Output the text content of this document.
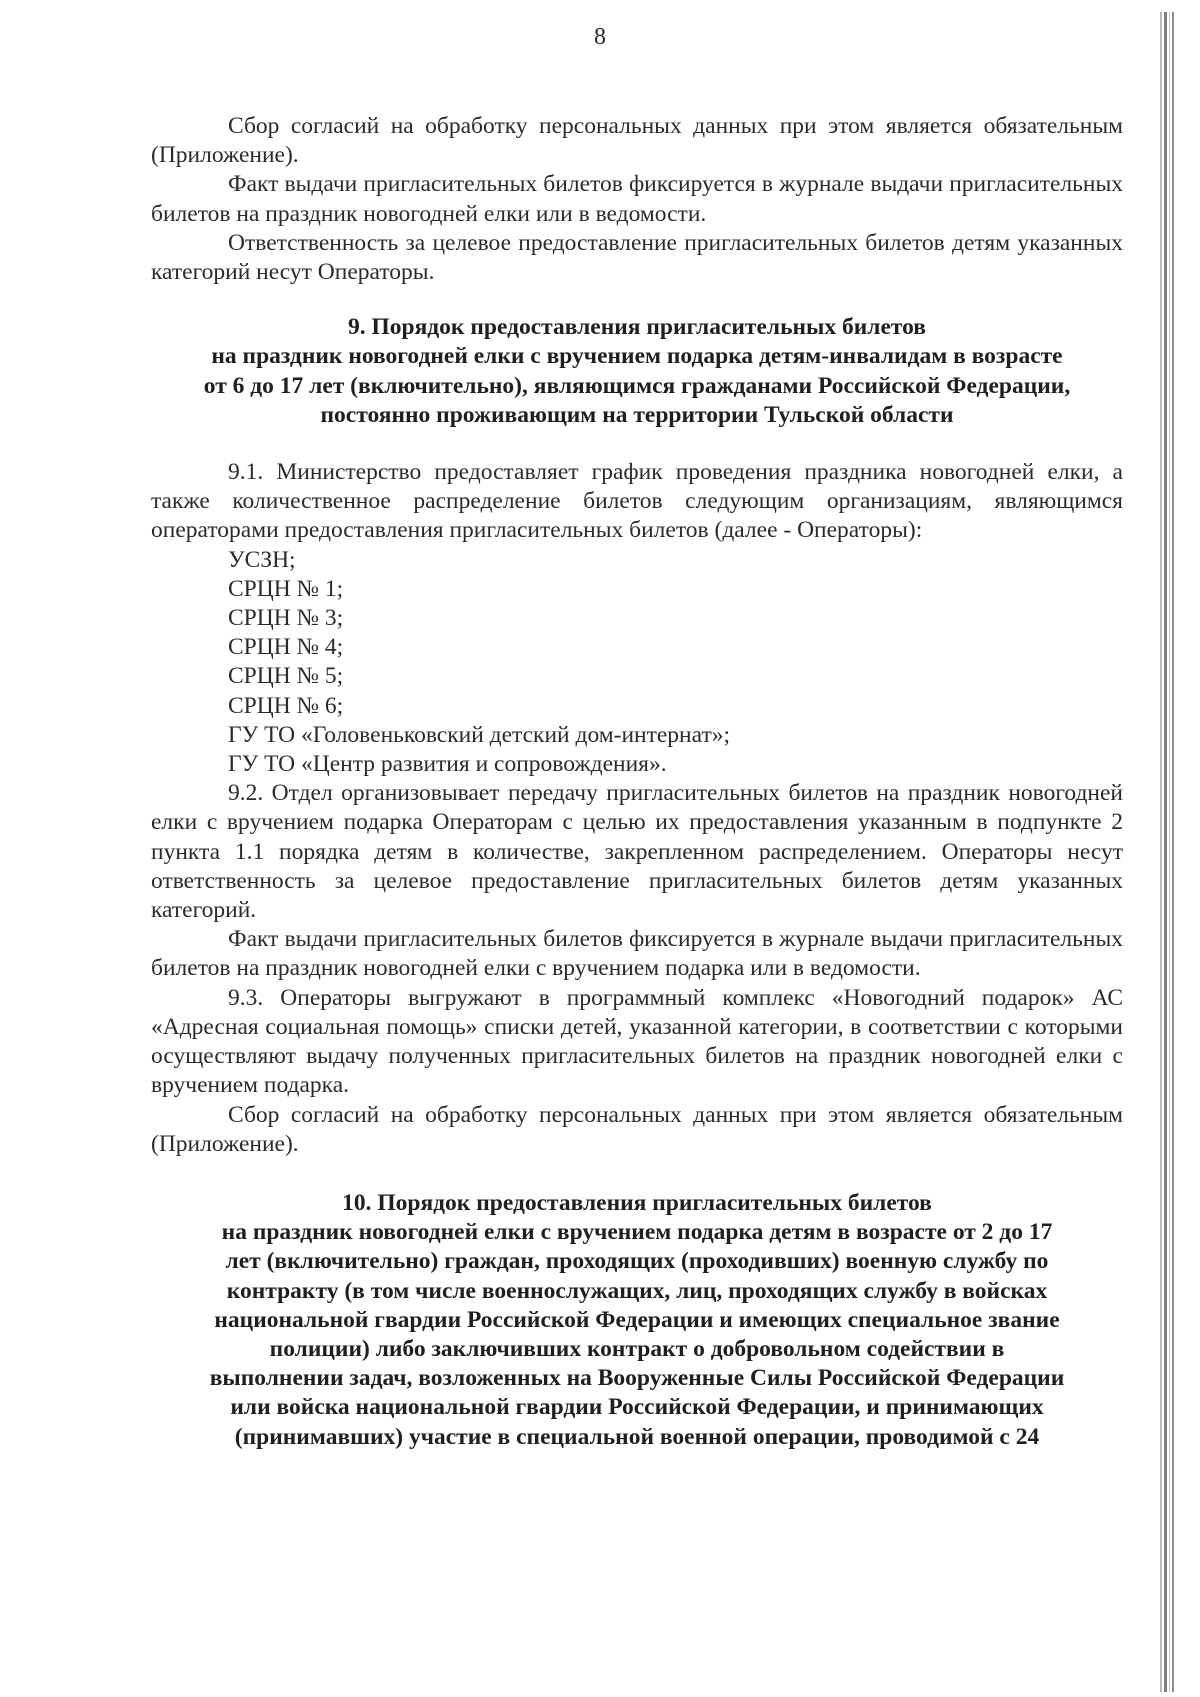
8

Сбор согласий на обработку персональных данных при этом является обязательным (Приложение).

Факт выдачи пригласительных билетов фиксируется в журнале выдачи пригласительных билетов на праздник новогодней елки или в ведомости.

Ответственность за целевое предоставление пригласительных билетов детям указанных категорий несут Операторы.

9. Порядок предоставления пригласительных билетов
на праздник новогодней елки с вручением подарка детям-инвалидам в возрасте
от 6 до 17 лет (включительно), являющимся гражданами Российской Федерации,
постоянно проживающим на территории Тульской области

9.1. Министерство предоставляет график проведения праздника новогодней елки, а также количественное распределение билетов следующим организациям, являющимся операторами предоставления пригласительных билетов (далее - Операторы):

УСЗН;

СРЦН № 1;

СРЦН № 3;

СРЦН № 4;

СРЦН № 5;

СРЦН № 6;

ГУ ТО «Головеньковский детский дом-интернат»;

ГУ ТО «Центр развития и сопровождения».

9.2. Отдел организовывает передачу пригласительных билетов на праздник новогодней елки с вручением подарка Операторам с целью их предоставления указанным в подпункте 2 пункта 1.1 порядка детям в количестве, закрепленном распределением. Операторы несут ответственность за целевое предоставление пригласительных билетов детям указанных категорий.

Факт выдачи пригласительных билетов фиксируется в журнале выдачи пригласительных билетов на праздник новогодней елки с вручением подарка или в ведомости.

9.3. Операторы выгружают в программный комплекс «Новогодний подарок» АС «Адресная социальная помощь» списки детей, указанной категории, в соответствии с которыми осуществляют выдачу полученных пригласительных билетов на праздник новогодней елки с вручением подарка.

Сбор согласий на обработку персональных данных при этом является обязательным (Приложение).

10. Порядок предоставления пригласительных билетов
на праздник новогодней елки с вручением подарка детям в возрасте от 2 до 17
лет (включительно) граждан, проходящих (проходивших) военную службу по
контракту (в том числе военнослужащих, лиц, проходящих службу в войсках
национальной гвардии Российской Федерации и имеющих специальное звание
полиции) либо заключивших контракт о добровольном содействии в
выполнении задач, возложенных на Вооруженные Силы Российской Федерации
или войска национальной гвардии Российской Федерации, и принимающих
(принимавших) участие в специальной военной операции, проводимой с 24
